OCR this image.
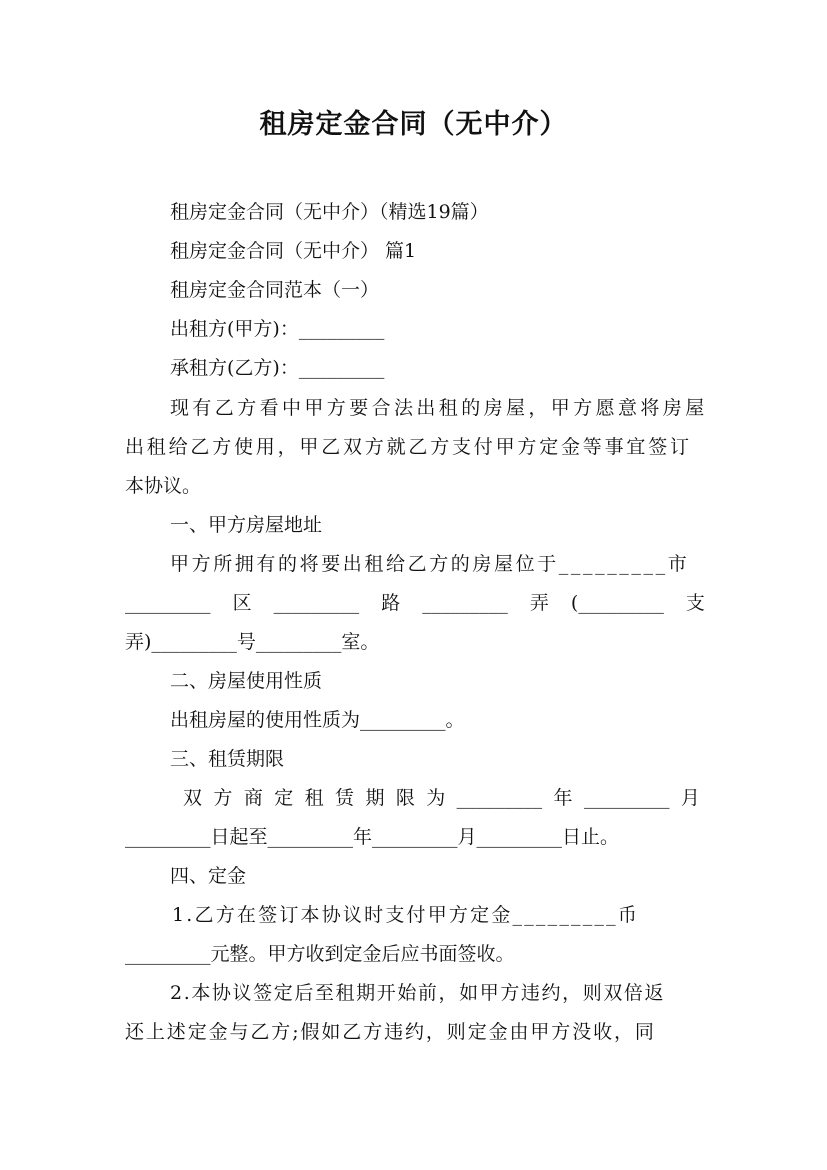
租房定金合同（无中介）
租房定金合同（无中介）（精选19篇）
租房定金合同（无中介） 篇1
租房定金合同范本（一）
出租方(甲方)：_________
承租方(乙方)：_________
现有乙方看中甲方要合法出租的房屋，甲方愿意将房屋
出租给乙方使用，甲乙双方就乙方支付甲方定金等事宜签订
本协议。
一、甲方房屋地址
甲方所拥有的将要出租给乙方的房屋位于_________市
_________ 区 _________ 路 _________ 弄 (_________ 支
弄)_________号_________室。
二、房屋使用性质
出租房屋的使用性质为_________。
三、租赁期限
双 方 商 定 租 赁 期 限 为 _________ 年 _________ 月
_________日起至_________年_________月_________日止。
四、定金
1.乙方在签订本协议时支付甲方定金_________币
_________元整。甲方收到定金后应书面签收。
2.本协议签定后至租期开始前，如甲方违约，则双倍返
还上述定金与乙方;假如乙方违约，则定金由甲方没收，同
